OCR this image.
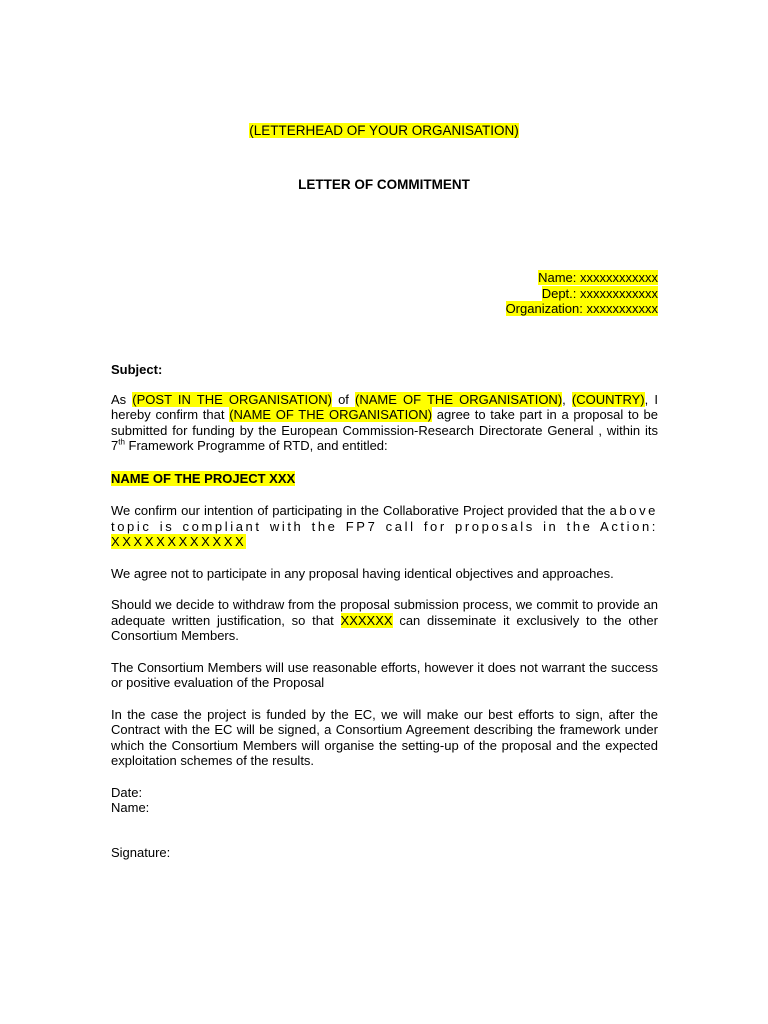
(LETTERHEAD OF YOUR ORGANISATION)
LETTER OF COMMITMENT
Name: xxxxxxxxxxxx
Dept.: xxxxxxxxxxxx
Organization: xxxxxxxxxxx

Subject:

As (POST IN THE ORGANISATION) of (NAME OF THE ORGANISATION), (COUNTRY), I hereby confirm that (NAME OF THE ORGANISATION) agree to take part in a proposal to be submitted for funding by the European Commission-Research Directorate General , within its 7th Framework Programme of RTD, and entitled:

NAME OF THE PROJECT XXX

We confirm our intention of participating in the Collaborative Project provided that the above topic is compliant with the FP7 call for proposals in the Action: XXXXXXXXXXXX

We agree not to participate in any proposal having identical objectives and approaches.

Should we decide to withdraw from the proposal submission process, we commit to provide an adequate written justification, so that XXXXXX can disseminate it exclusively to the other Consortium Members.

The Consortium Members will use reasonable efforts, however it does not warrant the success or positive evaluation of the Proposal

In the case the project is funded by the EC, we will make our best efforts to sign, after the Contract with the EC will be signed, a Consortium Agreement describing the framework under which the Consortium Members will organise the setting-up of the proposal and the expected exploitation schemes of the results.

Date:
Name:
Signature:
